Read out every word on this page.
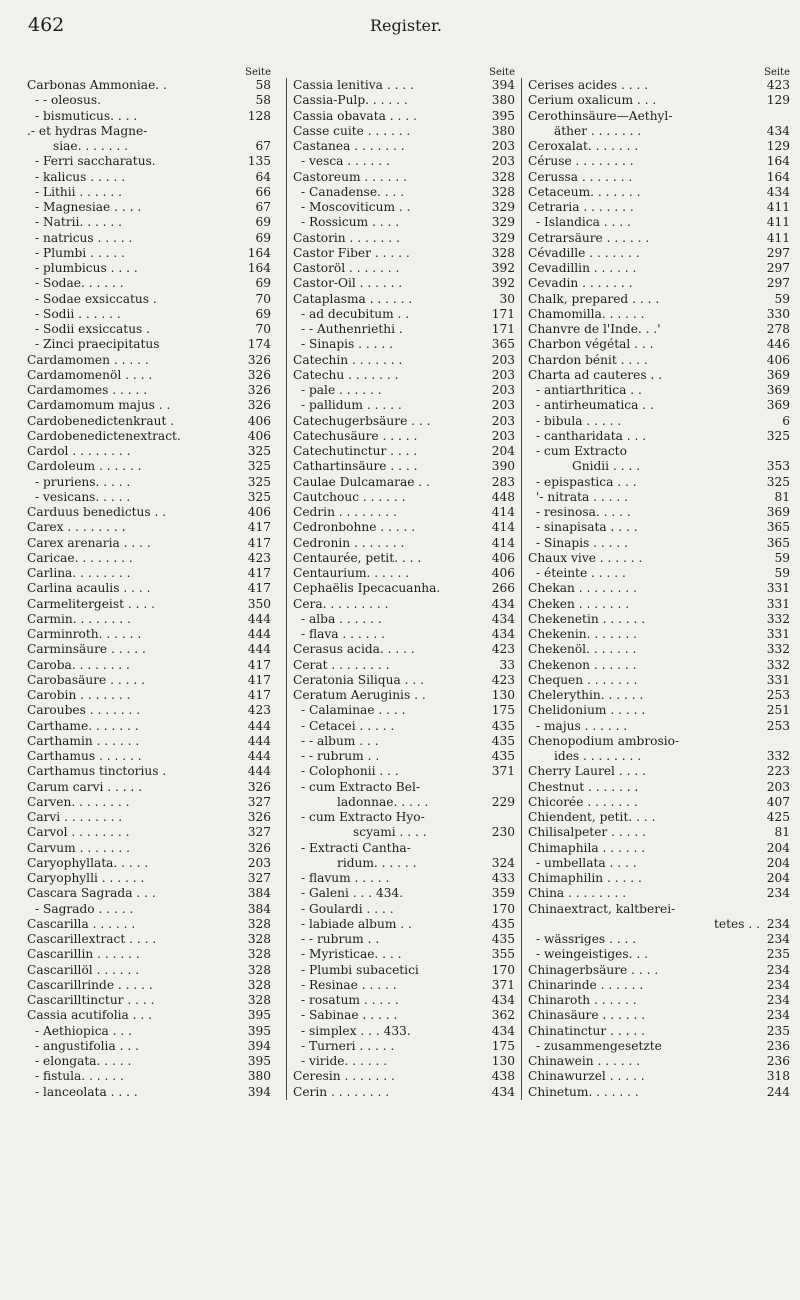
462	Register.
Seite
Carbonas Ammoniae. .	58
- - oleosus.	58
- bismuticus. . . .	128
.- et hydras Magne-
siae. . . . . . .	67
- Ferri saccharatus.	135
- kalicus . . . . .	64
- Lithii . . . . . .	66
- Magnesiae . . . .	67
- Natrii. . . . . .	69
- natricus . . . . .	69
- Plumbi . . . . .	164
- plumbicus . . . .	164
- Sodae. . . . . .	69
- Sodae exsiccatus .	70
- Sodii . . . . . .	69
- Sodii exsiccatus .	70
- Zinci praecipitatus	174
Cardamomen . . . . .	326
Cardamomenöl . . . .	326
Cardamomes . . . . .	326
Cardamomum majus . .	326
Cardobenedictenkraut .	406
Cardobenedictenextract.	406
Cardol . . . . . . . .	325
Cardoleum . . . . . .	325
- pruriens. . . . .	325
- vesicans. . . . .	325
Carduus benedictus . .	406
Carex . . . . . . . .	417
Carex arenaria . . . .	417
Caricae. . . . . . . .	423
Carlina. . . . . . . .	417
Carlina acaulis . . . .	417
Carmelitergeist . . . .	350
Carmin. . . . . . . .	444
Carminroth. . . . . .	444
Carminsäure . . . . .	444
Caroba. . . . . . . .	417
Carobasäure . . . . .	417
Carobin . . . . . . .	417
Caroubes . . . . . . .	423
Carthame. . . . . . .	444
Carthamin . . . . . .	444
Carthamus . . . . . .	444
Carthamus tinctorius .	444
Carum carvi . . . . .	326
Carven. . . . . . . .	327
Carvi . . . . . . . .	326
Carvol . . . . . . . .	327
Carvum . . . . . . .	326
Caryophyllata. . . . .	203
Caryophylli . . . . . .	327
Cascara Sagrada . . .	384
- Sagrado . . . . .	384
Cascarilla . . . . . .	328
Cascarillextract . . . .	328
Cascarillin . . . . . .	328
Cascarillöl . . . . . .	328
Cascarillrinde . . . . .	328
Cascarilltinctur . . . .	328
Cassia acutifolia . . .	395
- Aethiopica . . .	395
- angustifolia . . .	394
- elongata. . . . .	395
- fistula. . . . . .	380
- lanceolata . . . .	394
Seite
Cassia lenitiva . . . .	394
Cassia-Pulp. . . . . .	380
Cassia obavata . . . .	395
Casse cuite . . . . . .	380
Castanea . . . . . . .	203
- vesca . . . . . .	203
Castoreum . . . . . .	328
- Canadense. . . .	328
- Moscoviticum . .	329
- Rossicum . . . .	329
Castorin . . . . . . .	329
Castor Fiber . . . . .	328
Castoröl . . . . . . .	392
Castor-Oil . . . . . .	392
Cataplasma . . . . . .	30
- ad decubitum . .	171
- - Authenriethi .	171
- Sinapis . . . . .	365
Catechin . . . . . . .	203
Catechu . . . . . . .	203
- pale . . . . . .	203
- pallidum . . . . .	203
Catechugerbsäure . . .	203
Catechusäure . . . . .	203
Catechutinctur . . . .	204
Cathartinsäure . . . .	390
Caulae Dulcamarae . .	283
Cautchouc . . . . . .	448
Cedrin . . . . . . . .	414
Cedronbohne . . . . .	414
Cedronin . . . . . . .	414
Centaurée, petit. . . .	406
Centaurium. . . . . .	406
Cephaëlis Ipecacuanha.	266
Cera. . . . . . . . .	434
- alba . . . . . .	434
- flava . . . . . .	434
Cerasus acida. . . . .	423
Cerat . . . . . . . .	33
Ceratonia Siliqua . . .	423
Ceratum Aeruginis . .	130
- Calaminae . . . .	175
- Cetacei . . . . .	435
- - album . . .	435
- - rubrum . .	435
- Colophonii . . .	371
- cum Extracto Bel-
ladonnae. . . . .	229
- cum Extracto Hyo-
scyami . . . .	230
- Extracti Cantha-
ridum. . . . . .	324
- flavum . . . . .	433
- Galeni . . . 434.	359
- Goulardi . . . .	170
- labiade album . .	435
- - rubrum . .	435
- Myristicae. . . .	355
- Plumbi subacetici	170
- Resinae . . . . .	371
- rosatum . . . . .	434
- Sabinae . . . . .	362
- simplex . . . 433.	434
- Turneri . . . . .	175
- viride. . . . . .	130
Ceresin . . . . . . .	438
Cerin . . . . . . . .	434
Seite
Cerises acides . . . .	423
Cerium oxalicum . . .	129
Cerothinsäure—Aethyl-
äther . . . . . . .	434
Ceroxalat. . . . . . .	129
Céruse . . . . . . . .	164
Cerussa . . . . . . .	164
Cetaceum. . . . . . .	434
Cetraria . . . . . . .	411
- Islandica . . . .	411
Cetrarsäure . . . . . .	411
Cévadille . . . . . . .	297
Cevadillin . . . . . .	297
Cevadin . . . . . . .	297
Chalk, prepared . . . .	59
Chamomilla. . . . . .	330
Chanvre de l'Inde. . .'	278
Charbon végétal . . .	446
Chardon bénit . . . .	406
Charta ad cauteres . .	369
- antiarthritica . .	369
- antirheumatica . .	369
- bibula . . . . .	6
- cantharidata . . .	325
- cum Extracto
Gnidii . . . .	353
- epispastica . . .	325
'- nitrata . . . . .	81
- resinosa. . . . .	369
- sinapisata . . . .	365
- Sinapis . . . . .	365
Chaux vive . . . . . .	59
- éteinte . . . . .	59
Chekan . . . . . . . .	331
Cheken . . . . . . .	331
Chekenetin . . . . . .	332
Chekenin. . . . . . .	331
Chekenöl. . . . . . .	332
Chekenon . . . . . .	332
Chequen . . . . . . .	331
Chelerythin. . . . . .	253
Chelidonium . . . . .	251
- majus . . . . . .	253
Chenopodium ambrosio-
ides . . . . . . . .	332
Cherry Laurel . . . .	223
Chestnut . . . . . . .	203
Chicorée . . . . . . .	407
Chiendent, petit. . . .	425
Chilisalpeter . . . . .	81
Chimaphila . . . . . .	204
- umbellata . . . .	204
Chimaphilin . . . . .	204
China . . . . . . . .	234
Chinaextract, kaltberei-
tetes . . 234
- wässriges . . . .	234
- weingeistiges. . .	235
Chinagerbsäure . . . .	234
Chinarinde . . . . . .	234
Chinaroth . . . . . .	234
Chinasäure . . . . . .	234
Chinatinctur . . . . .	235
- zusammengesetzte	236
Chinawein . . . . . .	236
Chinawurzel . . . . .	318
Chinetum. . . . . . .	244
